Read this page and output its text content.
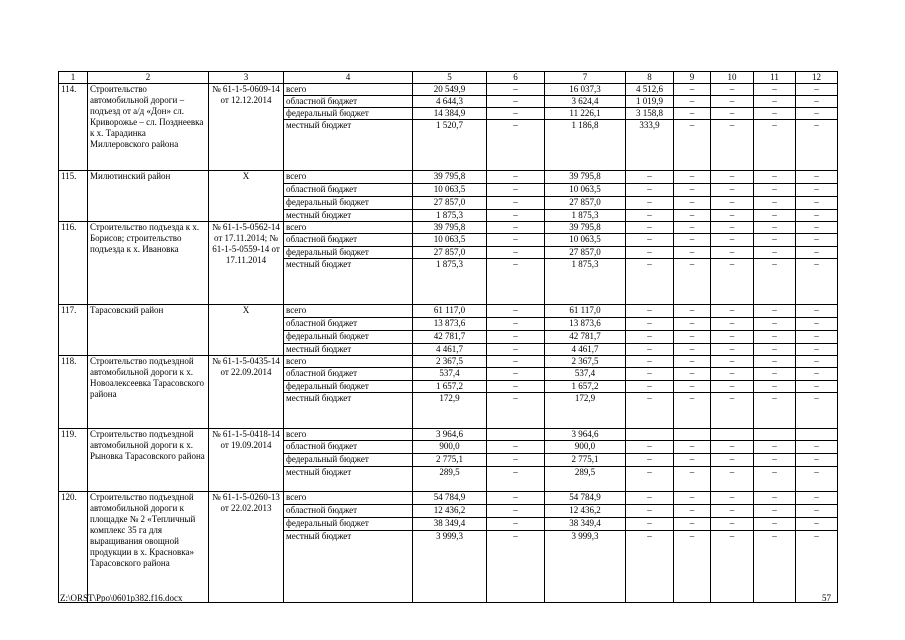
1	2	3	4	5	6	7	8	9	10	11	12
114.	Строительство автомобильной дороги – подъезд от а/д «Дон» сл. Криворожье – сл. Позднеевка к х. Тарадинка Миллеровского района	№ 61-1-5-0609-14 от 12.12.2014	всего	20 549,9	–	16 037,3	4 512,6	–	–	–	–
			областной бюджет	4 644,3	–	3 624,4	1 019,9	–	–	–	–
			федеральный бюджет	14 384,9	–	11 226,1	3 158,8	–	–	–	–
			местный бюджет	1 520,7	–	1 186,8	333,9	–	–	–	–
115.	Милютинский район	Х	всего	39 795,8	–	39 795,8	–	–	–	–	–
			областной бюджет	10 063,5	–	10 063,5	–	–	–	–	–
			федеральный бюджет	27 857,0	–	27 857,0	–	–	–	–	–
			местный бюджет	1 875,3	–	1 875,3	–	–	–	–	–
116.	Строительство подъезда к х. Борисов; строительство подъезда к х. Ивановка	№ 61-1-5-0562-14 от 17.11.2014; № 61-1-5-0559-14 от 17.11.2014	всего	39 795,8	–	39 795,8	–	–	–	–	–
			областной бюджет	10 063,5	–	10 063,5	–	–	–	–	–
			федеральный бюджет	27 857,0	–	27 857,0	–	–	–	–	–
			местный бюджет	1 875,3	–	1 875,3	–	–	–	–	–
117.	Тарасовский район	Х	всего	61 117,0	–	61 117,0	–	–	–	–	–
			областной бюджет	13 873,6	–	13 873,6	–	–	–	–	–
			федеральный бюджет	42 781,7	–	42 781,7	–	–	–	–	–
			местный бюджет	4 461,7	–	4 461,7	–	–	–	–	–
118.	Строительство подъездной автомобильной дороги к х. Новоалексеевка Тарасовского района	№ 61-1-5-0435-14 от 22.09.2014	всего	2 367,5	–	2 367,5	–	–	–	–	–
			областной бюджет	537,4	–	537,4	–	–	–	–	–
			федеральный бюджет	1 657,2	–	1 657,2	–	–	–	–	–
			местный бюджет	172,9	–	172,9	–	–	–	–	–
119.	Строительство подъездной автомобильной дороги к х. Рыновка Тарасовского района	№ 61-1-5-0418-14 от 19.09.2014	всего	3 964,6		3 964,6					
			областной бюджет	900,0	–	900,0	–	–	–	–	–
			федеральный бюджет	2 775,1	–	2 775,1	–	–	–	–	–
			местный бюджет	289,5	–	289,5	–	–	–	–	–
120.	Строительство подъездной автомобильной дороги к площадке № 2 «Тепличный комплекс 35 га для выращивания овощной продукции в х. Красновка» Тарасовского района	№ 61-1-5-0260-13 от 22.02.2013	всего	54 784,9	–	54 784,9	–	–	–	–	–
			областной бюджет	12 436,2	–	12 436,2	–	–	–	–	–
			федеральный бюджет	38 349,4	–	38 349,4	–	–	–	–	–
			местный бюджет	3 999,3	–	3 999,3	–	–	–	–	–
Z:\ORST\Ppo\0601p382.f16.docx	57
